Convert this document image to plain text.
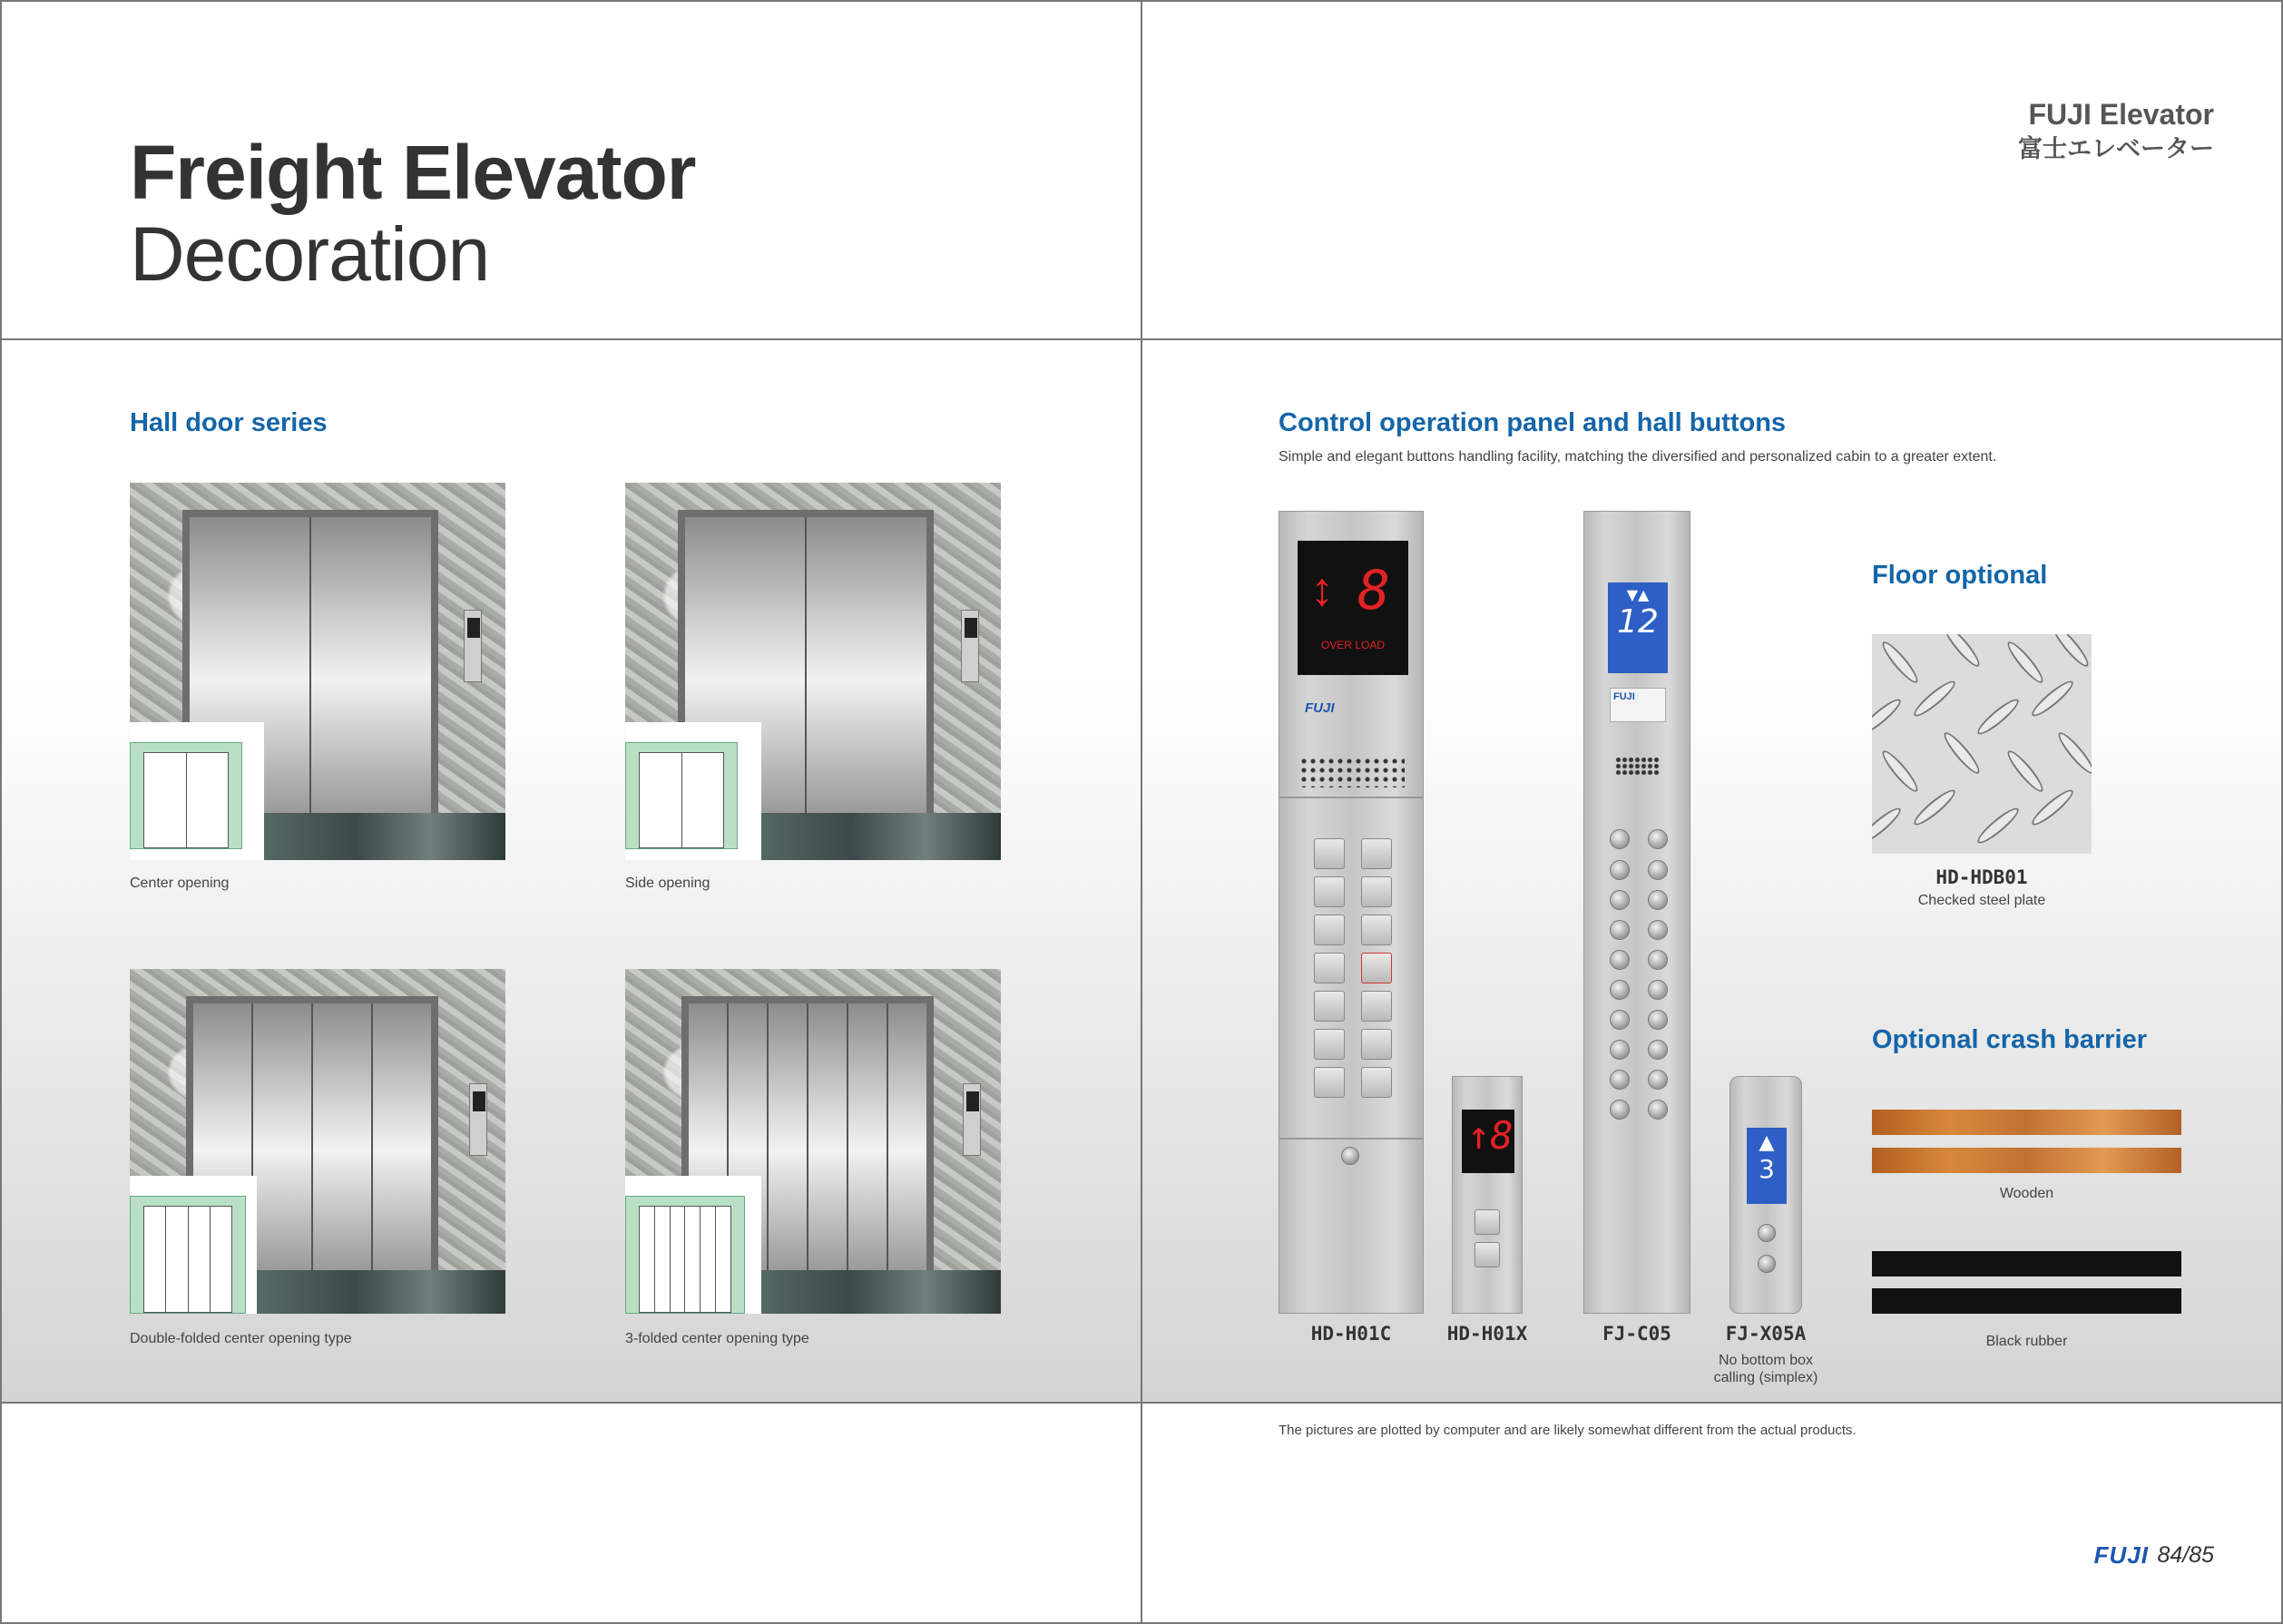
Freight Elevator
Decoration
FUJI Elevator
富士エレベーター
Hall door series
Center opening	Side opening
Double-folded center opening type	3-folded center opening type
Control operation panel and hall buttons
Simple and elegant buttons handling facility, matching the diversified and personalized cabin to a greater extent.
↕ 8
OVER LOAD
FUJI
HD-H01C
↑8
HD-H01X
▼▲
12
FUJI
FJ-C05
▲
3
FJ-X05A
No bottom box
calling (simplex)
Floor optional
HD-HDB01
Checked steel plate
Optional crash barrier
Wooden
Black rubber
The pictures are plotted by computer and are likely somewhat different from the actual products.
FUJI 84/85
